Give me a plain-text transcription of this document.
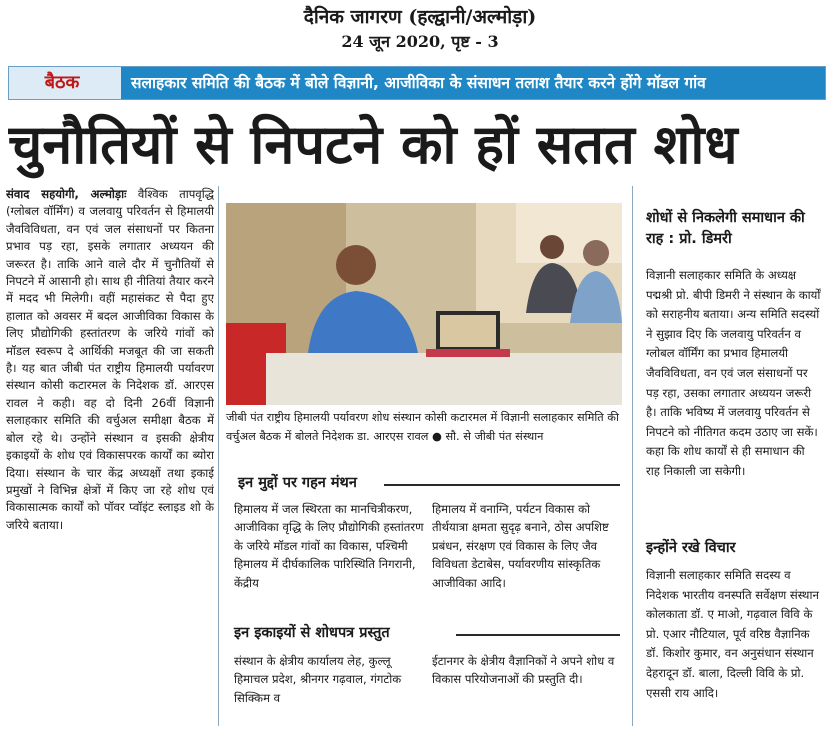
दैनिक जागरण (हल्द्वानी/अल्मोड़ा)
24 जून 2020, पृष्ट - 3
बैठक	सलाहकार समिति की बैठक में बोले विज्ञानी, आजीविका के संसाधन तलाश तैयार करने होंगे मॉडल गांव
चुनौतियों से निपटने को हों सतत शोध
संवाद सहयोगी, अल्मोड़ाः वैश्विक तापवृद्धि (ग्लोबल वॉर्मिंग) व जलवायु परिवर्तन से हिमालयी जैवविविधता, वन एवं जल संसाधनों पर कितना प्रभाव पड़ रहा, इसके लगातार अध्ययन की जरूरत है। ताकि आने वाले दौर में चुनौतियों से निपटने में आसानी हो। साथ ही नीतियां तैयार करने में मदद भी मिलेगी। वहीं महासंकट से पैदा हुए हालात को अवसर में बदल आजीविका विकास के लिए प्रौद्योगिकी हस्तांतरण के जरिये गांवों को मॉडल स्वरूप दे आर्थिकी मजबूत की जा सकती है। यह बात जीबी पंत राष्ट्रीय हिमालयी पर्यावरण संस्थान कोसी कटारमल के निदेशक डॉ. आरएस रावल ने कही। वह दो दिनी 26वीं विज्ञानी सलाहकार समिति की वर्चुअल समीक्षा बैठक में बोल रहे थे। उन्होंने संस्थान व इसकी क्षेत्रीय इकाइयों के शोध एवं विकासपरक कार्यों का ब्योरा दिया। संस्थान के चार केंद्र अध्यक्षों तथा इकाई प्रमुखों ने विभिन्न क्षेत्रों में किए जा रहे शोध एवं विकासात्मक कार्यों को पॉवर प्वॉइंट स्लाइड शो के जरिये बताया।
जीबी पंत राष्ट्रीय हिमालयी पर्यावरण शोध संस्थान कोसी कटारमल में विज्ञानी सलाहकार समिति की वर्चुअल बैठक में बोलते निदेशक डा. आरएस रावल ● सौ. से जीबी पंत संस्थान
इन मुद्दों पर गहन मंथन
हिमालय में जल स्थिरता का मानचित्रीकरण, आजीविका वृद्धि के लिए प्रौद्योगिकी हस्तांतरण के जरिये मॉडल गांवों का विकास, पश्चिमी हिमालय में दीर्घकालिक पारिस्थिति निगरानी, केंद्रीय
हिमालय में वनाग्नि, पर्यटन विकास को तीर्थयात्रा क्षमता सुदृढ़ बनाने, ठोस अपशिष्ट प्रबंधन, संरक्षण एवं विकास के लिए जैव विविधता डेटाबेस, पर्यावरणीय सांस्कृतिक आजीविका आदि।
इन इकाइयों से शोधपत्र प्रस्तुत
संस्थान के क्षेत्रीय कार्यालय लेह, कुल्लू हिमाचल प्रदेश, श्रीनगर गढ़वाल, गंगटोक सिक्किम व
ईटानगर के क्षेत्रीय वैज्ञानिकों ने अपने शोध व विकास परियोजनाओं की प्रस्तुति दी।
शोधों से निकलेगी समाधान की राह : प्रो. डिमरी
विज्ञानी सलाहकार समिति के अध्यक्ष पद्मश्री प्रो. बीपी डिमरी ने संस्थान के कार्यों को सराहनीय बताया। अन्य समिति सदस्यों ने सुझाव दिए कि जलवायु परिवर्तन व ग्लोबल वॉर्मिंग का प्रभाव हिमालयी जैवविविधता, वन एवं जल संसाधनों पर पड़ रहा, उसका लगातार अध्ययन जरूरी है। ताकि भविष्य में जलवायु परिवर्तन से निपटने को नीतिगत कदम उठाए जा सकें। कहा कि शोध कार्यों से ही समाधान की राह निकाली जा सकेगी।
इन्होंने रखे विचार
विज्ञानी सलाहकार समिति सदस्य व निदेशक भारतीय वनस्पति सर्वेक्षण संस्थान कोलकाता डॉ. ए माओ, गढ़वाल विवि के प्रो. एआर नौटियाल, पूर्व वरिष्ठ वैज्ञानिक डॉ. किशोर कुमार, वन अनुसंधान संस्थान देहरादून डॉ. बाला, दिल्ली विवि के प्रो. एससी राय आदि।
